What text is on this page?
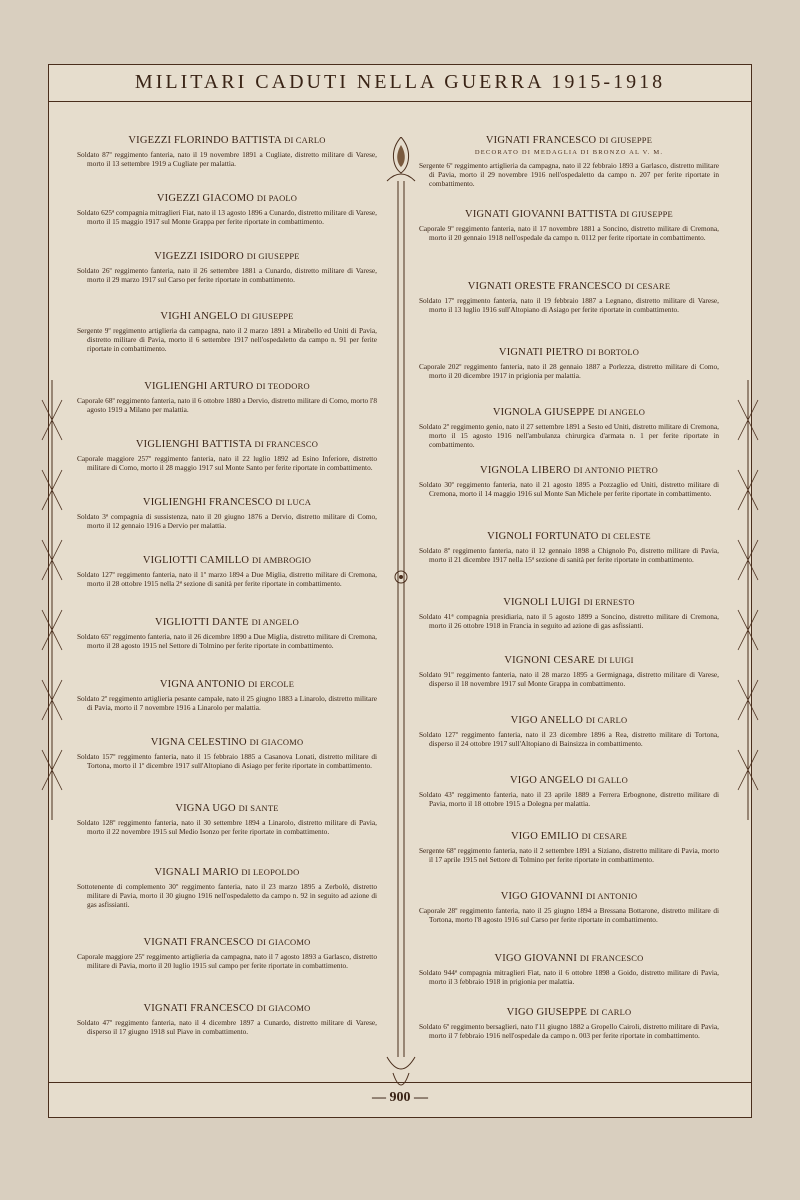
MILITARI CADUTI NELLA GUERRA 1915-1918
VIGEZZI FLORINDO BATTISTA DI CARLO
Soldato 87º reggimento fanteria, nato il 19 novembre 1891 a Cugliate, distretto militare di Varese, morto il 13 settembre 1919 a Cugliate per malattia.
VIGEZZI GIACOMO DI PAOLO
Soldato 625ª compagnia mitraglieri Fiat, nato il 13 agosto 1896 a Cunardo, distretto militare di Varese, morto il 15 maggio 1917 sul Monte Grappa per ferite riportate in combattimento.
VIGEZZI ISIDORO DI GIUSEPPE
Soldato 26º reggimento fanteria, nato il 26 settembre 1881 a Cunardo, distretto militare di Varese, morto il 29 marzo 1917 sul Carso per ferite riportate in combattimento.
VIGHI ANGELO DI GIUSEPPE
Sergente 9º reggimento artiglieria da campagna, nato il 2 marzo 1891 a Mirabello ed Uniti di Pavia, distretto militare di Pavia, morto il 6 settembre 1917 nell'ospedaletto da campo n. 91 per ferite riportate in combattimento.
VIGLIENGHI ARTURO DI TEODORO
Caporale 68º reggimento fanteria, nato il 6 ottobre 1880 a Dervio, distretto militare di Como, morto l'8 agosto 1919 a Milano per malattia.
VIGLIENGHI BATTISTA DI FRANCESCO
Caporale maggiore 257º reggimento fanteria, nato il 22 luglio 1892 ad Esino Inferiore, distretto militare di Como, morto il 28 maggio 1917 sul Monte Santo per ferite riportate in combattimento.
VIGLIENGHI FRANCESCO DI LUCA
Soldato 3ª compagnia di sussistenza, nato il 20 giugno 1876 a Dervio, distretto militare di Como, morto il 12 gennaio 1916 a Dervio per malattia.
VIGLIOTTI CAMILLO DI AMBROGIO
Soldato 127º reggimento fanteria, nato il 1º marzo 1894 a Due Miglia, distretto militare di Cremona, morto il 28 ottobre 1915 nella 2ª sezione di sanità per ferite riportate in combattimento.
VIGLIOTTI DANTE DI ANGELO
Soldato 65º reggimento fanteria, nato il 26 dicembre 1890 a Due Miglia, distretto militare di Cremona, morto il 28 agosto 1915 nel Settore di Tolmino per ferite riportate in combattimento.
VIGNA ANTONIO DI ERCOLE
Soldato 2º reggimento artiglieria pesante campale, nato il 25 giugno 1883 a Linarolo, distretto militare di Pavia, morto il 7 novembre 1916 a Linarolo per malattia.
VIGNA CELESTINO DI GIACOMO
Soldato 157º reggimento fanteria, nato il 15 febbraio 1885 a Casanova Lonati, distretto militare di Tortona, morto il 1º dicembre 1917 sull'Altopiano di Asiago per ferite riportate in combattimento.
VIGNA UGO DI SANTE
Soldato 128º reggimento fanteria, nato il 30 settembre 1894 a Linarolo, distretto militare di Pavia, morto il 22 novembre 1915 sul Medio Isonzo per ferite riportate in combattimento.
VIGNALI MARIO DI LEOPOLDO
Sottotenente di complemento 30º reggimento fanteria, nato il 23 marzo 1895 a Zerbolò, distretto militare di Pavia, morto il 30 giugno 1916 nell'ospedaletto da campo n. 92 in seguito ad azione di gas asfissianti.
VIGNATI FRANCESCO DI GIACOMO
Caporale maggiore 25º reggimento artiglieria da campagna, nato il 7 agosto 1893 a Garlasco, distretto militare di Pavia, morto il 20 luglio 1915 sul campo per ferite riportate in combattimento.
VIGNATI FRANCESCO DI GIACOMO
Soldato 47º reggimento fanteria, nato il 4 dicembre 1897 a Cunardo, distretto militare di Varese, disperso il 17 giugno 1918 sul Piave in combattimento.
VIGNATI FRANCESCO DI GIUSEPPE
DECORATO DI MEDAGLIA DI BRONZO AL V. M.
Sergente 6º reggimento artiglieria da campagna, nato il 22 febbraio 1893 a Garlasco, distretto militare di Pavia, morto il 29 novembre 1916 nell'ospedaletto da campo n. 207 per ferite riportate in combattimento.
VIGNATI GIOVANNI BATTISTA DI GIUSEPPE
Caporale 9º reggimento fanteria, nato il 17 novembre 1881 a Soncino, distretto militare di Cremona, morto il 20 gennaio 1918 nell'ospedale da campo n. 0112 per ferite riportate in combattimento.
VIGNATI ORESTE FRANCESCO DI CESARE
Soldato 17º reggimento fanteria, nato il 19 febbraio 1887 a Legnano, distretto militare di Varese, morto il 13 luglio 1916 sull'Altopiano di Asiago per ferite riportate in combattimento.
VIGNATI PIETRO DI BORTOLO
Caporale 202º reggimento fanteria, nato il 28 gennaio 1887 a Porlezza, distretto militare di Como, morto il 20 dicembre 1917 in prigionia per malattia.
VIGNOLA GIUSEPPE DI ANGELO
Soldato 2º reggimento genio, nato il 27 settembre 1891 a Sesto ed Uniti, distretto militare di Cremona, morto il 15 agosto 1916 nell'ambulanza chirurgica d'armata n. 1 per ferite riportate in combattimento.
VIGNOLA LIBERO DI ANTONIO PIETRO
Soldato 30º reggimento fanteria, nato il 21 agosto 1895 a Pozzaglio ed Uniti, distretto militare di Cremona, morto il 14 maggio 1916 sul Monte San Michele per ferite riportate in combattimento.
VIGNOLI FORTUNATO DI CELESTE
Soldato 8º reggimento fanteria, nato il 12 gennaio 1898 a Chignolo Po, distretto militare di Pavia, morto il 21 dicembre 1917 nella 15ª sezione di sanità per ferite riportate in combattimento.
VIGNOLI LUIGI DI ERNESTO
Soldato 41ª compagnia presidiaria, nato il 5 agosto 1899 a Soncino, distretto militare di Cremona, morto il 26 ottobre 1918 in Francia in seguito ad azione di gas asfissianti.
VIGNONI CESARE DI LUIGI
Soldato 91º reggimento fanteria, nato il 28 marzo 1895 a Germignaga, distretto militare di Varese, disperso il 18 novembre 1917 sul Monte Grappa in combattimento.
VIGO ANELLO DI CARLO
Soldato 127º reggimento fanteria, nato il 23 dicembre 1896 a Rea, distretto militare di Tortona, disperso il 24 ottobre 1917 sull'Altopiano di Bainsizza in combattimento.
VIGO ANGELO DI GALLO
Soldato 43º reggimento fanteria, nato il 23 aprile 1889 a Ferrera Erbognone, distretto militare di Pavia, morto il 18 ottobre 1915 a Dolegna per malattia.
VIGO EMILIO DI CESARE
Sergente 68º reggimento fanteria, nato il 2 settembre 1891 a Siziano, distretto militare di Pavia, morto il 17 aprile 1915 nel Settore di Tolmino per ferite riportate in combattimento.
VIGO GIOVANNI DI ANTONIO
Caporale 28º reggimento fanteria, nato il 25 giugno 1894 a Bressana Bottarone, distretto militare di Tortona, morto l'8 agosto 1916 sul Carso per ferite riportate in combattimento.
VIGO GIOVANNI DI FRANCESCO
Soldato 944ª compagnia mitraglieri Fiat, nato il 6 ottobre 1898 a Goido, distretto militare di Pavia, morto il 3 febbraio 1918 in prigionia per malattia.
VIGO GIUSEPPE DI CARLO
Soldato 6º reggimento bersaglieri, nato l'11 giugno 1882 a Gropello Cairoli, distretto militare di Pavia, morto il 7 febbraio 1916 nell'ospedale da campo n. 003 per ferite riportate in combattimento.
— 900 —
